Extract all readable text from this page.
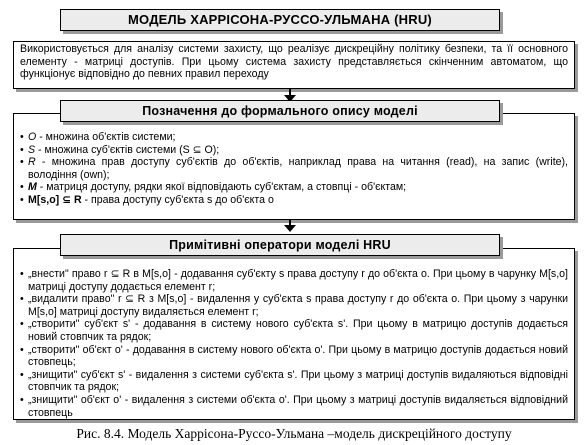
Використовується для аналізу системи захисту, що реалізує дискреційну політику безпеки, та її основного елементу - матриці доступів. При цьому система захисту представляється скінченним автоматом, що функціонує відповідно до певних правил переходу
МОДЕЛЬ ХАРРІСОНА-РУССО-УЛЬМАНА (HRU)
• O - множина об'єктів системи;
• S - множина суб'єктів системи (S ⊆ O);
• R - множина прав доступу суб'єктів до об'єктів, наприклад права на читання (read), на запис (write), володіння (own);
• M - матриця доступу, рядки якої відповідають суб'єктам, а стовпці - об'єктам;
• M[s,o] ⊆ R - права доступу суб'єкта s до об'єкта o
Позначення до формального опису моделі
• „внести" право r ⊆ R в M[s,o] - додавання суб'єкту s права доступу r до об'єкта o. При цьому в чарунку M[s,o] матриці доступу додається елемент r;
• „видалити право" r ⊆ R з M[s,o] - видалення у суб'єкта s права доступу r до об'єкта o. При цьому з чарунки M[s,o] матриці доступу видаляється елемент r;
• „створити" суб'єкт s' - додавання в систему нового суб'єкта s'. При цьому в матрицю доступів додається новий стовпчик та рядок;
• „створити" об'єкт o' - додавання в систему нового об'єкта o'. При цьому в матрицю доступів додається новий стовпець;
• „знищити" суб'єкт s' - видалення з системи суб'єкта s'. При цьому з матриці доступів видаляються відповідні стовпчик та рядок;
• „знищити" об'єкт o' - видалення з системи об'єкта o'. При цьому з матриці доступів видаляється відповідний стовпець
Примітивні оператори моделі HRU
Рис. 8.4. Модель Харрісона-Руссо-Ульмана –модель дискреційного доступу
